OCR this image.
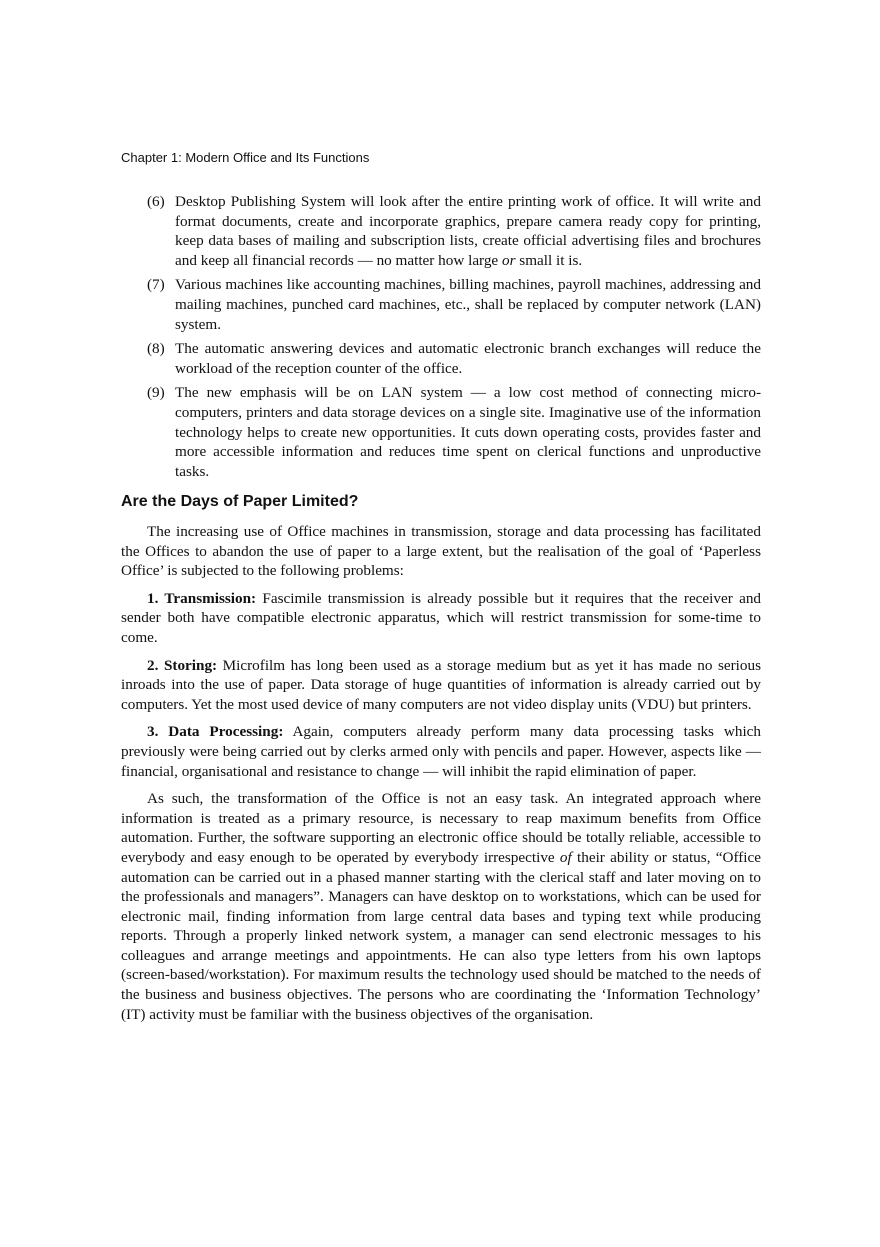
Chapter 1: Modern Office and Its Functions
(6) Desktop Publishing System will look after the entire printing work of office. It will write and format documents, create and incorporate graphics, prepare camera ready copy for printing, keep data bases of mailing and subscription lists, create official advertising files and brochures and keep all financial records — no matter how large or small it is.
(7) Various machines like accounting machines, billing machines, payroll machines, addressing and mailing machines, punched card machines, etc., shall be replaced by computer network (LAN) system.
(8) The automatic answering devices and automatic electronic branch exchanges will reduce the workload of the reception counter of the office.
(9) The new emphasis will be on LAN system — a low cost method of connecting micro-computers, printers and data storage devices on a single site. Imaginative use of the information technology helps to create new opportunities. It cuts down operating costs, provides faster and more accessible information and reduces time spent on clerical functions and unproductive tasks.
Are the Days of Paper Limited?

The increasing use of Office machines in transmission, storage and data processing has facilitated the Offices to abandon the use of paper to a large extent, but the realisation of the goal of ‘Paperless Office’ is subjected to the following problems:

1. Transmission: Fascimile transmission is already possible but it requires that the receiver and sender both have compatible electronic apparatus, which will restrict transmission for some-time to come.

2. Storing: Microfilm has long been used as a storage medium but as yet it has made no serious inroads into the use of paper. Data storage of huge quantities of information is already carried out by computers. Yet the most used device of many computers are not video display units (VDU) but printers.

3. Data Processing: Again, computers already perform many data processing tasks which previously were being carried out by clerks armed only with pencils and paper. However, aspects like — financial, organisational and resistance to change — will inhibit the rapid elimination of paper.

As such, the transformation of the Office is not an easy task. An integrated approach where information is treated as a primary resource, is necessary to reap maximum benefits from Office automation. Further, the software supporting an electronic office should be totally reliable, accessible to everybody and easy enough to be operated by everybody irrespective of their ability or status, “Office automation can be carried out in a phased manner starting with the clerical staff and later moving on to the professionals and managers”. Managers can have desktop on to workstations, which can be used for electronic mail, finding information from large central data bases and typing text while producing reports. Through a properly linked network system, a manager can send electronic messages to his colleagues and arrange meetings and appointments. He can also type letters from his own laptops (screen-based/workstation). For maximum results the technology used should be matched to the needs of the business and business objectives. The persons who are coordinating the ‘Information Technology’ (IT) activity must be familiar with the business objectives of the organisation.
